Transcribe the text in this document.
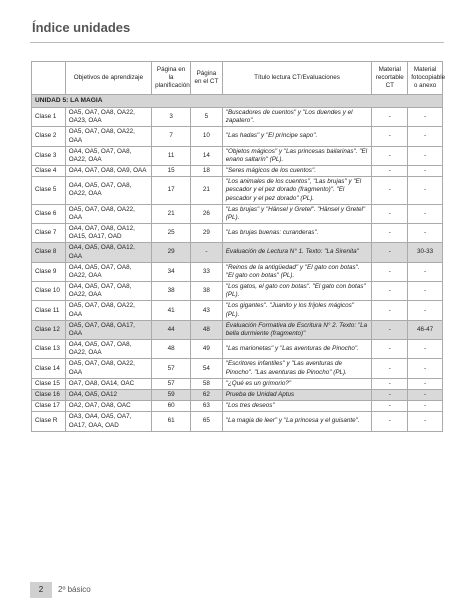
Índice unidades
	Objetivos de aprendizaje	Página en la planificación	Página en el CT	Título lectura CT/Evaluaciones	Material recortable CT	Material fotocopiable o anexo
UNIDAD 5: LA MAGIA						
Clase 1	OA5, OA7, OA8, OA22, OA23, OAA	3	5	"Buscadores de cuentos" y "Los duendes y el zapatero".	-	-
Clase 2	OA5, OA7, OA8, OA22, OAA	7	10	"Las hadas" y "El príncipe sapo".	-	-
Clase 3	OA4, OA5, OA7, OA8, OA22, OAA	11	14	"Objetos mágicos" y "Las princesas bailarinas". "El enano saltarín" (PL).	-	-
Clase 4	OA4, OA7, OA8, OA9, OAA	15	18	"Seres mágicos de los cuentos".	-	-
Clase 5	OA4, OA5, OA7, OA8, OA22, OAA	17	21	"Los animales de los cuentos", "Las brujas" y "El pescador y el pez dorado (fragmento)". "El pescador y el pez dorado" (PL).	-	-
Clase 6	OA5, OA7, OA8, OA22, OAA	21	26	"Las brujas" y "Hänsel y Gretel". "Hänsel y Gretel" (PL).	-	-
Clase 7	OA4, OA7, OA8, OA12, OA15, OA17, OAD	25	29	"Las brujas buenas: curanderas".	-	-
Clase 8	OA4, OA5, OA8, OA12, OAA	29	-	Evaluación de Lectura N° 1. Texto: "La Sirenita"	-	30-33
Clase 9	OA4, OA5, OA7, OA8, OA22, OAA	34	33	"Reinos de la antigüedad" y "El gato con botas". "El gato con botas" (PL).	-	-
Clase 10	OA4, OA5, OA7, OA8, OA22, OAA	38	38	"Los gatos, el gato con botas". "El gato con botas" (PL).	-	-
Clase 11	OA5, OA7, OA8, OA22, OAA	41	43	"Los gigantes". "Juanito y los frijoles mágicos" (PL).	-	-
Clase 12	OA5, OA7, OA8, OA17, OAA	44	48	Evaluación Formativa de Escritura N° 2. Texto: "La bella durmiente (fragmento)"	-	46-47
Clase 13	OA4, OA5, OA7, OA8, OA22, OAA	48	49	"Las marionetas" y "Las aventuras de Pinocho".	-	-
Clase 14	OA5, OA7, OA8, OA22, OAA	57	54	"Escritores infantiles" y "Las aventuras de Pinocho". "Las aventuras de Pinocho" (PL).	-	-
Clase 15	OA7, OA8, OA14, OAC	57	58	"¿Qué es un grimorio?"	-	-
Clase 16	OA4, OA5, OA12	59	62	Prueba de Unidad Aptus	-	-
Clase 17	OA2, OA7, OA8, OAC	60	63	"Los tres deseos"	-	-
Clase R	OA3, OA4, OA5, OA7, OA17, OAA, OAD	61	65	"La magia de leer" y "La princesa y el guisante".	-	-
2	2º básico
